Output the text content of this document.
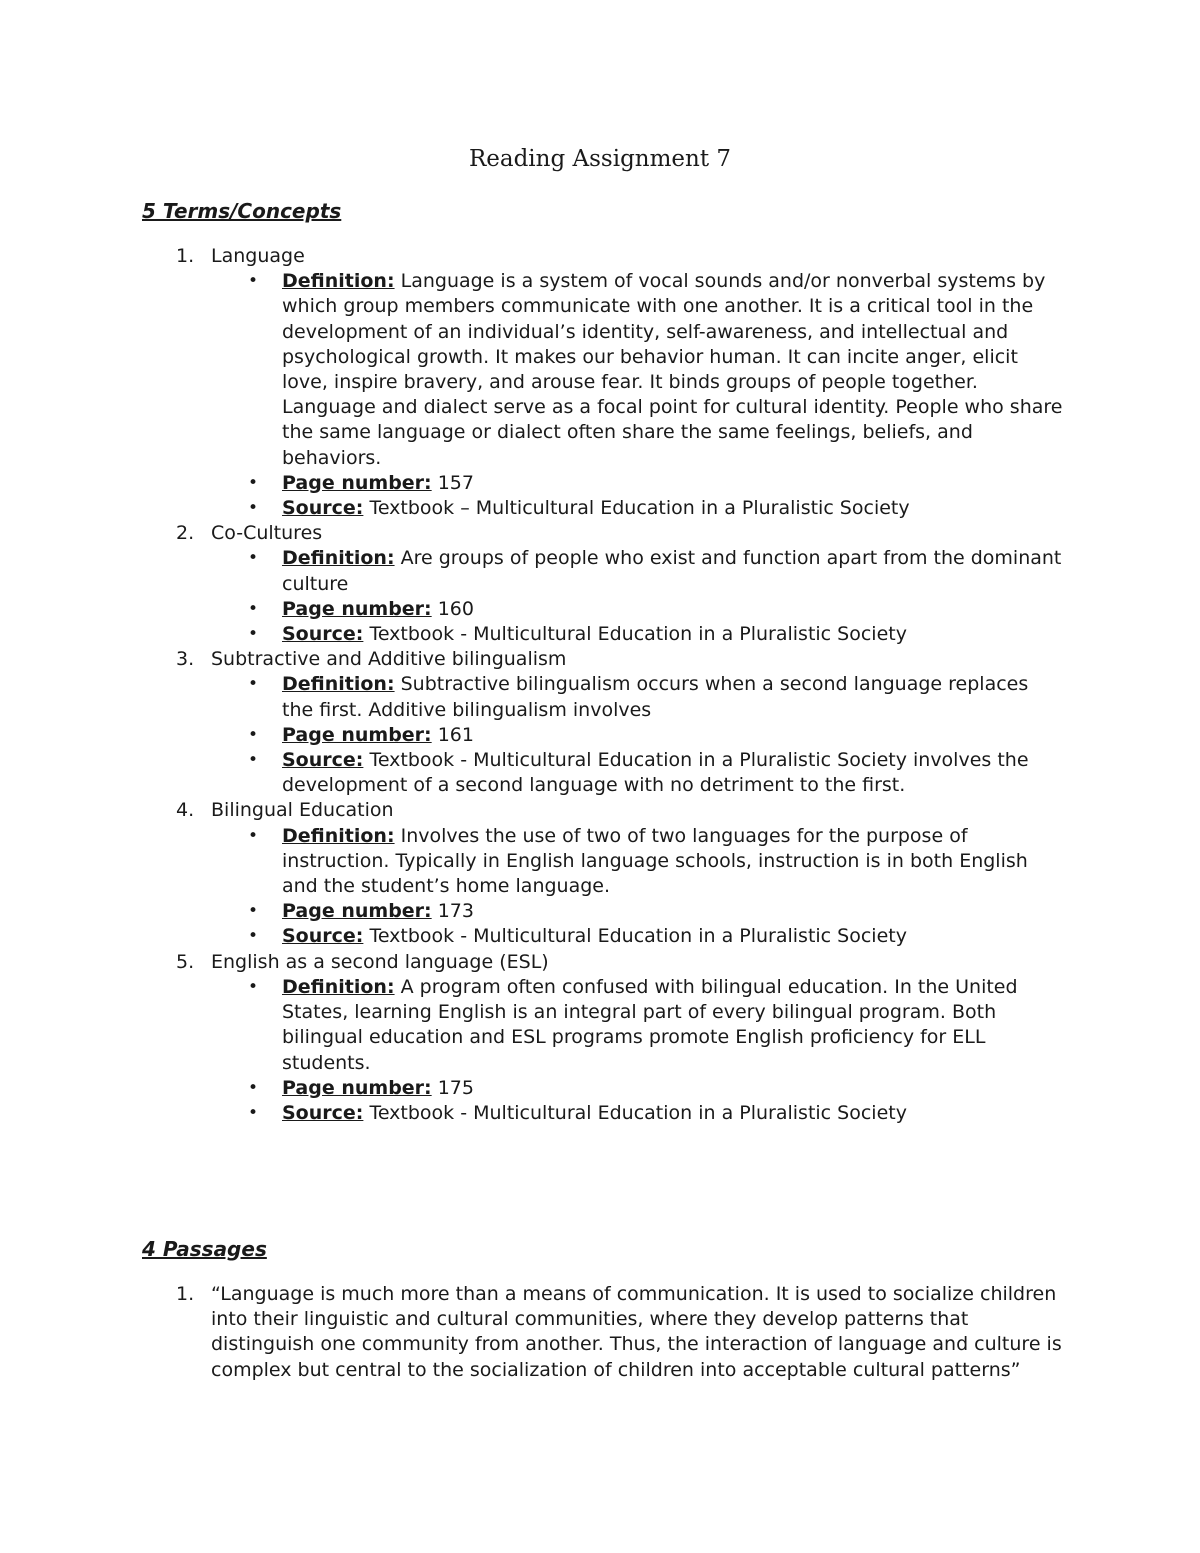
Reading Assignment 7
5 Terms/Concepts
1. Language
• Definition: Language is a system of vocal sounds and/or nonverbal systems by which group members communicate with one another. It is a critical tool in the development of an individual’s identity, self-awareness, and intellectual and psychological growth. It makes our behavior human. It can incite anger, elicit love, inspire bravery, and arouse fear. It binds groups of people together. Language and dialect serve as a focal point for cultural identity. People who share the same language or dialect often share the same feelings, beliefs, and behaviors.
• Page number: 157
• Source: Textbook – Multicultural Education in a Pluralistic Society
2. Co-Cultures
• Definition: Are groups of people who exist and function apart from the dominant culture
• Page number: 160
• Source: Textbook - Multicultural Education in a Pluralistic Society
3. Subtractive and Additive bilingualism
• Definition: Subtractive bilingualism occurs when a second language replaces the first. Additive bilingualism involves
• Page number: 161
• Source: Textbook - Multicultural Education in a Pluralistic Society involves the development of a second language with no detriment to the first.
4. Bilingual Education
• Definition: Involves the use of two of two languages for the purpose of instruction. Typically in English language schools, instruction is in both English and the student’s home language.
• Page number: 173
• Source: Textbook - Multicultural Education in a Pluralistic Society
5. English as a second language (ESL)
• Definition: A program often confused with bilingual education. In the United States, learning English is an integral part of every bilingual program. Both bilingual education and ESL programs promote English proficiency for ELL students.
• Page number: 175
• Source: Textbook - Multicultural Education in a Pluralistic Society
4 Passages
1. “Language is much more than a means of communication. It is used to socialize children into their linguistic and cultural communities, where they develop patterns that distinguish one community from another. Thus, the interaction of language and culture is complex but central to the socialization of children into acceptable cultural patterns”
